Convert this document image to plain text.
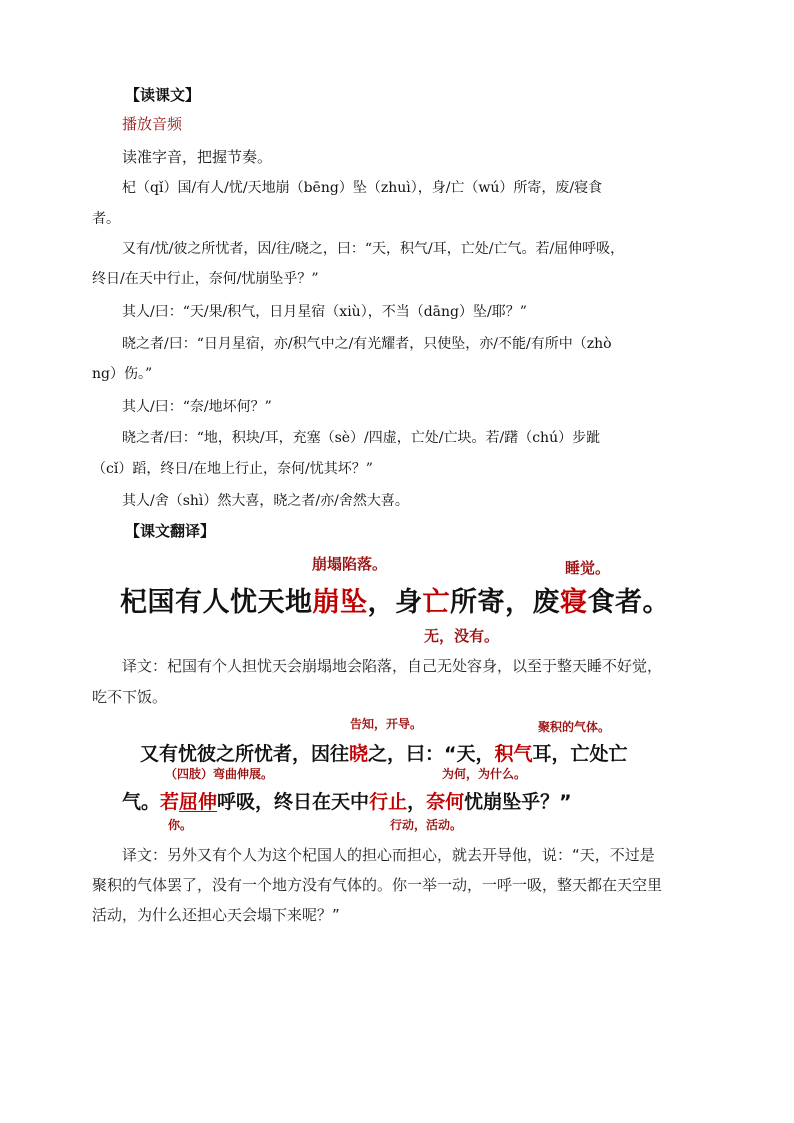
【读课文】
播放音频
读准字音，把握节奏。
杞（qǐ）国/有人/忧/天地崩（bēng）坠（zhuì），身/亡（wú）所寄，废/寝食
者。
又有/忧/彼之所忧者，因/往/晓之，曰：“天，积气/耳，亡处/亡气。若/屈伸呼吸，
终日/在天中行止，奈何/忧崩坠乎？”
其人/曰：“天/果/积气，日月星宿（xiù），不当（dāng）坠/耶？”
晓之者/曰：“日月星宿，亦/积气中之/有光耀者，只使坠，亦/不能/有所中（zhò
ng）伤。”
其人/曰：“奈/地坏何？”
晓之者/曰：“地，积块/耳，充塞（sè）/四虚，亡处/亡块。若/躇（chú）步跐
（cǐ）蹈，终日/在地上行止，奈何/忧其坏？”
其人/舍（shì）然大喜，晓之者/亦/舍然大喜。
【课文翻译】
崩塌陷落。	睡觉。
杞国有人忧天地崩坠，身亡所寄，废寝食者。
无，没有。
译文：杞国有个人担忧天会崩塌地会陷落，自己无处容身，以至于整天睡不好觉，
吃不下饭。
告知，开导。	聚积的气体。
又有忧彼之所忧者，因往晓之，曰：“天，积气耳，亡处亡
（四肢）弯曲伸展。	为何，为什么。
气。若屈伸呼吸，终日在天中行止，奈何忧崩坠乎？”
你。	行动，活动。
译文：另外又有个人为这个杞国人的担心而担心，就去开导他，说：“天，不过是
聚积的气体罢了，没有一个地方没有气体的。你一举一动，一呼一吸，整天都在天空里
活动，为什么还担心天会塌下来呢？”
